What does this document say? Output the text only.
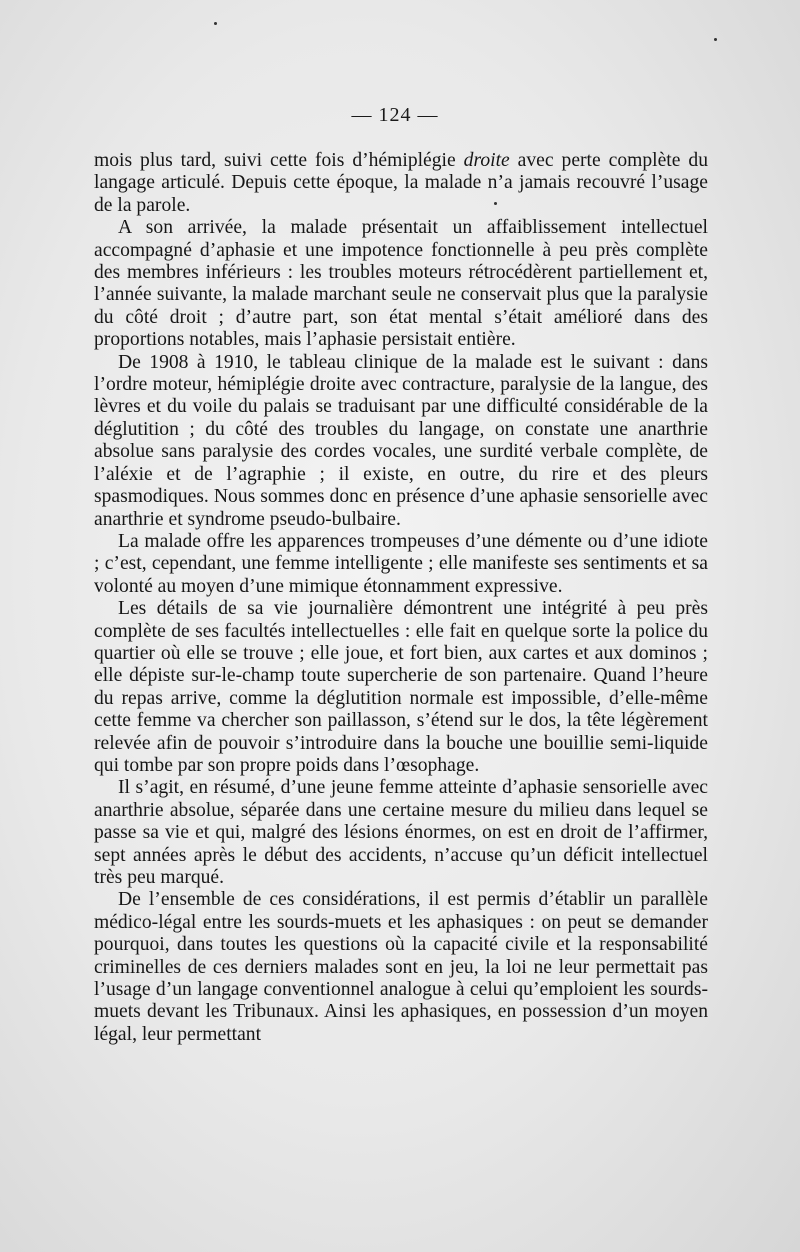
— 124 —

mois plus tard, suivi cette fois d’hémiplégie droite avec perte complète du langage articulé. Depuis cette époque, la malade n’a jamais recouvré l’usage de la parole.

A son arrivée, la malade présentait un affaiblissement intellectuel accompagné d’aphasie et une impotence fonctionnelle à peu près complète des membres inférieurs : les troubles moteurs rétrocédèrent partiellement et, l’année suivante, la malade marchant seule ne conservait plus que la paralysie du côté droit ; d’autre part, son état mental s’était amélioré dans des proportions notables, mais l’aphasie persistait entière.

De 1908 à 1910, le tableau clinique de la malade est le suivant : dans l’ordre moteur, hémiplégie droite avec contracture, paralysie de la langue, des lèvres et du voile du palais se traduisant par une difficulté considérable de la déglutition ; du côté des troubles du langage, on constate une anarthrie absolue sans paralysie des cordes vocales, une surdité verbale complète, de l’aléxie et de l’agraphie ; il existe, en outre, du rire et des pleurs spasmodiques. Nous sommes donc en présence d’une aphasie sensorielle avec anarthrie et syndrome pseudo-bulbaire.

La malade offre les apparences trompeuses d’une démente ou d’une idiote ; c’est, cependant, une femme intelligente ; elle manifeste ses sentiments et sa volonté au moyen d’une mimique étonnamment expressive.

Les détails de sa vie journalière démontrent une intégrité à peu près complète de ses facultés intellectuelles : elle fait en quelque sorte la police du quartier où elle se trouve ; elle joue, et fort bien, aux cartes et aux dominos ; elle dépiste sur-le-champ toute supercherie de son partenaire. Quand l’heure du repas arrive, comme la déglutition normale est impossible, d’elle-même cette femme va chercher son paillasson, s’étend sur le dos, la tête légèrement relevée afin de pouvoir s’introduire dans la bouche une bouillie semi-liquide qui tombe par son propre poids dans l’œsophage.

Il s’agit, en résumé, d’une jeune femme atteinte d’aphasie sensorielle avec anarthrie absolue, séparée dans une certaine mesure du milieu dans lequel se passe sa vie et qui, malgré des lésions énormes, on est en droit de l’affirmer, sept années après le début des accidents, n’accuse qu’un déficit intellectuel très peu marqué.

De l’ensemble de ces considérations, il est permis d’établir un parallèle médico-légal entre les sourds-muets et les aphasiques : on peut se demander pourquoi, dans toutes les questions où la capacité civile et la responsabilité criminelles de ces derniers malades sont en jeu, la loi ne leur permettait pas l’usage d’un langage conventionnel analogue à celui qu’emploient les sourds-muets devant les Tribunaux. Ainsi les aphasiques, en possession d’un moyen légal, leur permettant
